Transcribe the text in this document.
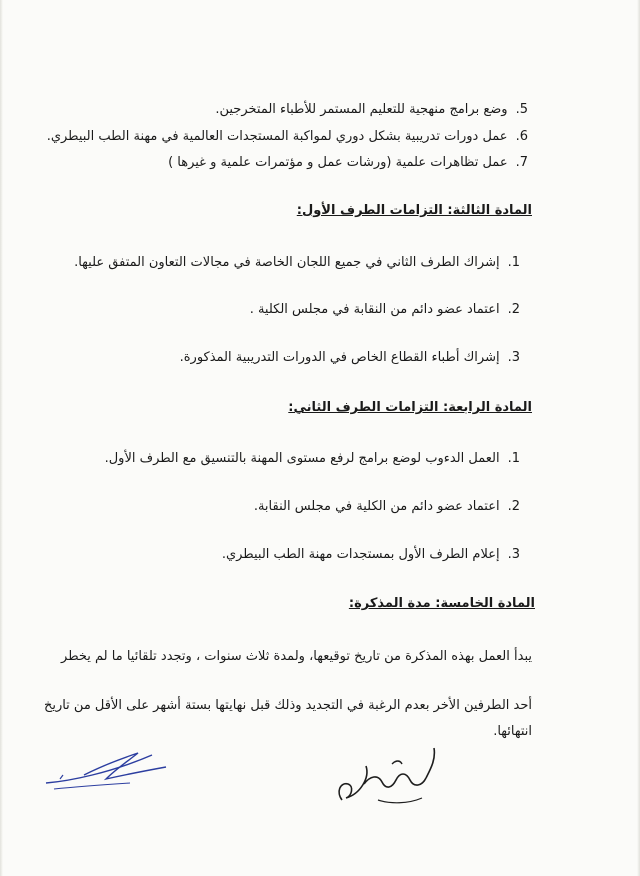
5.وضع برامج منهجية للتعليم المستمر للأطباء المتخرجين.
6.عمل دورات تدريبية بشكل دوري لمواكبة المستجدات العالمية في مهنة الطب البيطري.
7.عمل تظاهرات علمية (ورشات عمل و مؤتمرات علمية و غيرها )
المادة الثالثة: التزامات الطرف الأول:
1.إشراك الطرف الثاني في جميع اللجان الخاصة في مجالات التعاون المتفق عليها.
2.اعتماد عضو دائم من النقابة في مجلس الكلية .
3.إشراك أطباء القطاع الخاص في الدورات التدريبية المذكورة.
المادة الرابعة: التزامات الطرف الثاني:
1.العمل الدءوب لوضع برامج لرفع مستوى المهنة بالتنسيق مع الطرف الأول.
2.اعتماد عضو دائم من الكلية في مجلس النقابة.
3.إعلام الطرف الأول بمستجدات مهنة الطب البيطري.
المادة الخامسة: مدة المذكرة:
يبدأ العمل بهذه المذكرة من تاريخ توقيعها، ولمدة ثلاث سنوات ، وتجدد تلقائيا ما لم يخطر
أحد الطرفين الأخر بعدم الرغبة في التجديد وذلك قبل نهايتها بستة أشهر على الأقل من تاريخ
انتهائها.
